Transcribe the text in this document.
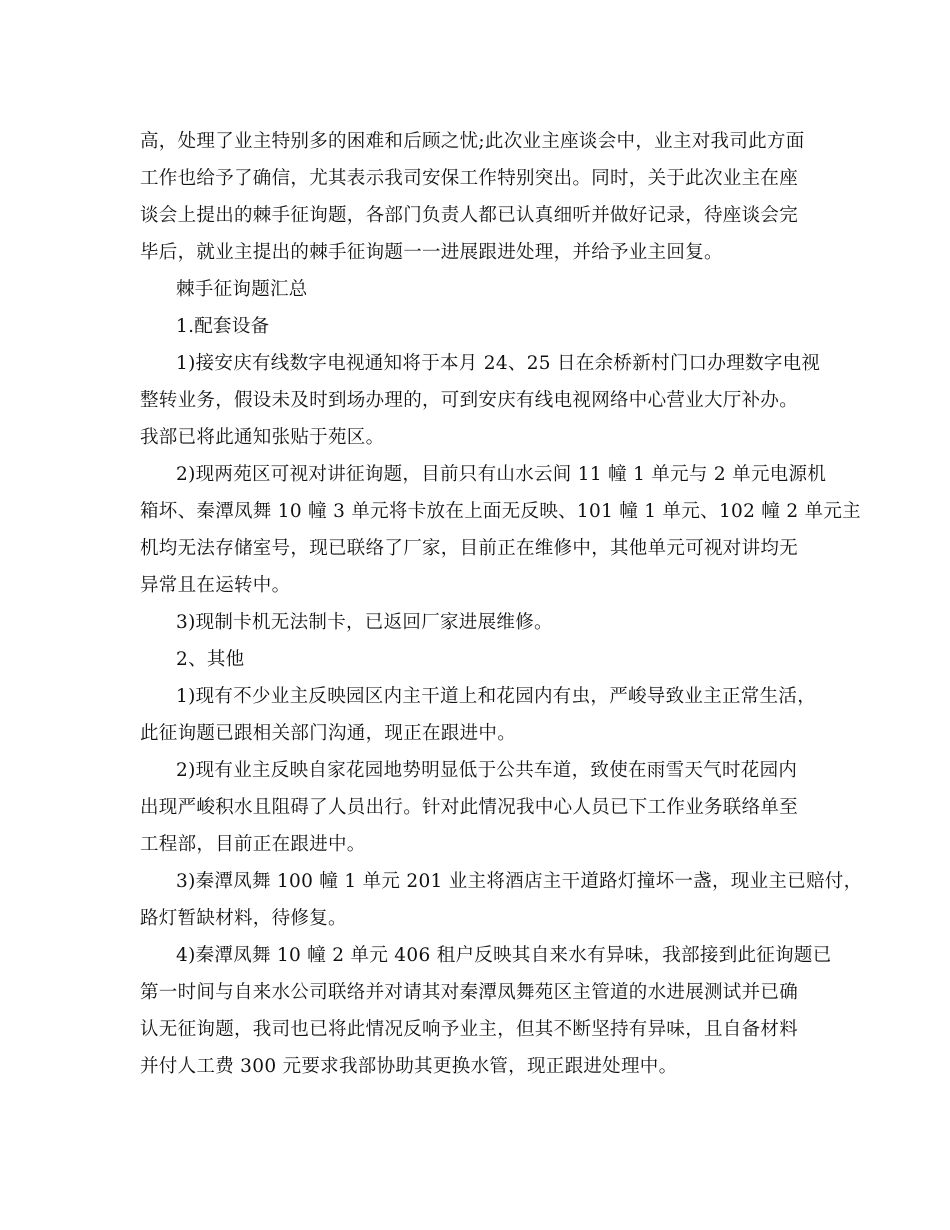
高，处理了业主特别多的困难和后顾之忧;此次业主座谈会中，业主对我司此方面
工作也给予了确信，尤其表示我司安保工作特别突出。同时，关于此次业主在座
谈会上提出的棘手征询题，各部门负责人都已认真细听并做好记录，待座谈会完
毕后，就业主提出的棘手征询题一一进展跟进处理，并给予业主回复。
棘手征询题汇总
1.配套设备
1)接安庆有线数字电视通知将于本月 24、25 日在余桥新村门口办理数字电视
整转业务，假设未及时到场办理的，可到安庆有线电视网络中心营业大厅补办。
我部已将此通知张贴于苑区。
2)现两苑区可视对讲征询题，目前只有山水云间 11 幢 1 单元与 2 单元电源机
箱坏、秦潭凤舞 10 幢 3 单元将卡放在上面无反映、101 幢 1 单元、102 幢 2 单元主
机均无法存储室号，现已联络了厂家，目前正在维修中，其他单元可视对讲均无
异常且在运转中。
3)现制卡机无法制卡，已返回厂家进展维修。
2、其他
1)现有不少业主反映园区内主干道上和花园内有虫，严峻导致业主正常生活，
此征询题已跟相关部门沟通，现正在跟进中。
2)现有业主反映自家花园地势明显低于公共车道，致使在雨雪天气时花园内
出现严峻积水且阻碍了人员出行。针对此情况我中心人员已下工作业务联络单至
工程部，目前正在跟进中。
3)秦潭凤舞 100 幢 1 单元 201 业主将酒店主干道路灯撞坏一盏，现业主已赔付，
路灯暂缺材料，待修复。
4)秦潭凤舞 10 幢 2 单元 406 租户反映其自来水有异味，我部接到此征询题已
第一时间与自来水公司联络并对请其对秦潭凤舞苑区主管道的水进展测试并已确
认无征询题，我司也已将此情况反响予业主，但其不断坚持有异味，且自备材料
并付人工费 300 元要求我部协助其更换水管，现正跟进处理中。
